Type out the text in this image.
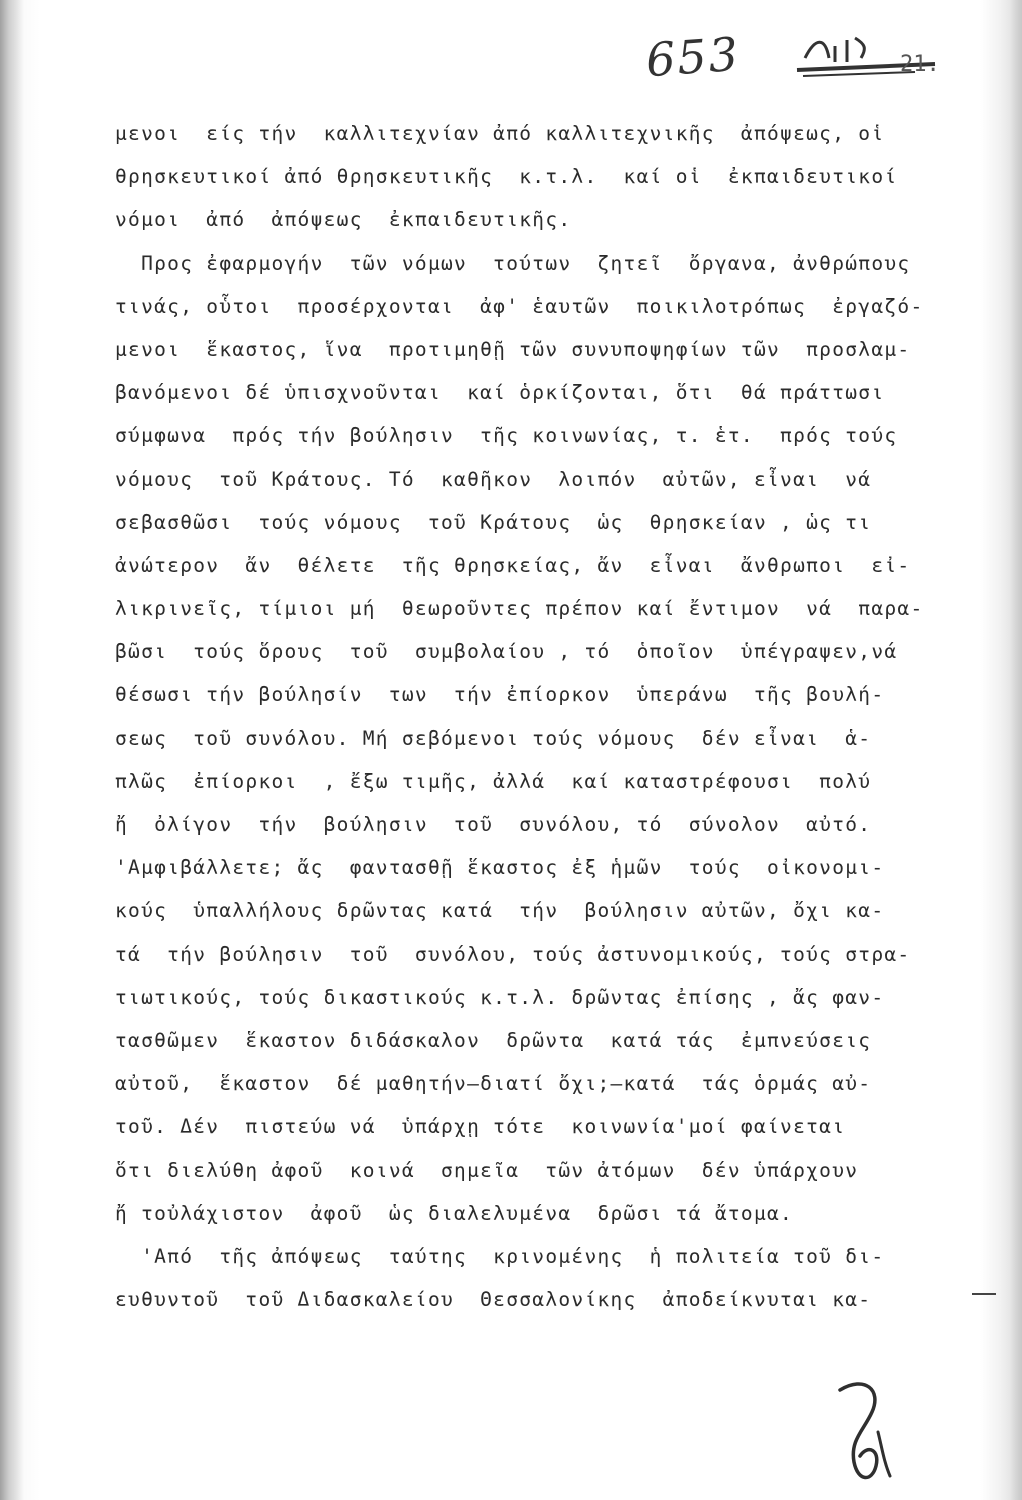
653	21.
μενοι  είς τήν  καλλιτεχνίαν ἀπό καλλιτεχνικῆς  ἀπόψεως, οἱ
θρησκευτικοί ἀπό θρησκευτικῆς  κ.τ.λ.  καί οἱ  ἐκπαιδευτικοί
νόμοι  ἀπό  ἀπόψεως  ἐκπαιδευτικῆς.
Προς ἐφαρμογήν  τῶν νόμων  τούτων  ζητεῖ  ὄργανα, ἀνθρώπους
τινάς, οὗτοι  προσέρχονται  ἀφ' ἑαυτῶν  ποικιλοτρόπως  ἐργαζό-
μενοι  ἕκαστος, ἵνα  προτιμηθῇ τῶν συνυποψηφίων τῶν  προσλαμ-
βανόμενοι δέ ὑπισχνοῦνται  καί ὁρκίζονται, ὅτι  θά πράττωσι
σύμφωνα  πρός τήν βούλησιν  τῆς κοινωνίας, τ. ἑτ.  πρός τούς
νόμους  τοῦ Κράτους. Τό  καθῆκον  λοιπόν  αὐτῶν, εἶναι  νά
σεβασθῶσι  τούς νόμους  τοῦ Κράτους  ὡς  θρησκείαν , ὡς τι
ἀνώτερον  ἄν  θέλετε  τῆς θρησκείας, ἄν  εἶναι  ἄνθρωποι  εἰ-
λικρινεῖς, τίμιοι μή  θεωροῦντες πρέπον καί ἔντιμον  νά  παρα-
βῶσι  τούς ὅρους  τοῦ  συμβολαίου , τό  ὁποῖον  ὑπέγραψεν,νά
θέσωσι τήν βούλησίν  των  τήν ἐπίορκον  ὑπεράνω  τῆς βουλή-
σεως  τοῦ συνόλου. Μή σεβόμενοι τούς νόμους  δέν εἶναι  ἁ-
πλῶς  ἐπίορκοι  , ἔξω τιμῆς, ἀλλά  καί καταστρέφουσι  πολύ
ἤ  ὀλίγον  τήν  βούλησιν  τοῦ  συνόλου, τό  σύνολον  αὐτό.
'Αμφιβάλλετε; ἄς  φαντασθῇ ἕκαστος ἐξ ἡμῶν  τούς  οἰκονομι-
κούς  ὑπαλλήλους δρῶντας κατά  τήν  βούλησιν αὐτῶν, ὄχι κα-
τά  τήν βούλησιν  τοῦ  συνόλου, τούς ἀστυνομικούς, τούς στρα-
τιωτικούς, τούς δικαστικούς κ.τ.λ. δρῶντας ἐπίσης , ἄς φαν-
τασθῶμεν  ἕκαστον διδάσκαλον  δρῶντα  κατά τάς  ἐμπνεύσεις
αὐτοῦ,  ἕκαστον  δέ μαθητήν—διατί ὄχι;—κατά  τάς ὁρμάς αὐ-
τοῦ. Δέν  πιστεύω νά  ὑπάρχῃ τότε  κοινωνία'μοί φαίνεται
ὅτι διελύθη ἀφοῦ  κοινά  σημεῖα  τῶν ἀτόμων  δέν ὑπάρχουν
ἤ τοὐλάχιστον  ἀφοῦ  ὡς διαλελυμένα  δρῶσι τά ἄτομα.
'Από  τῆς ἀπόψεως  ταύτης  κρινομένης  ἡ πολιτεία τοῦ δι-
ευθυντοῦ  τοῦ Διδασκαλείου  Θεσσαλονίκης  ἀποδείκνυται κα-
